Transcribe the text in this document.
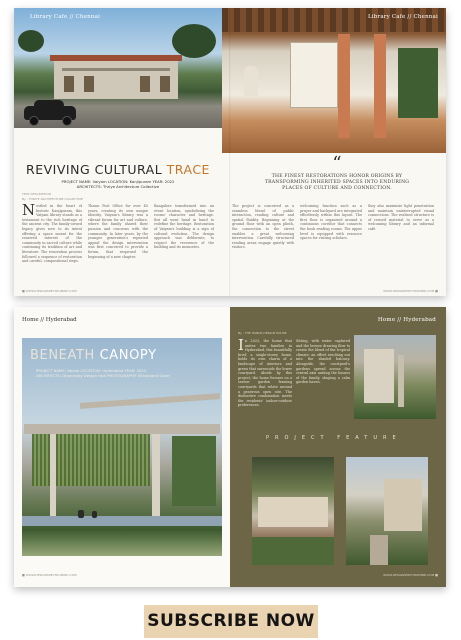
Library Cafe // Chennai	Library Cafe // Chennai
REVIVING CULTURAL TRACE
PROJECT NAME: Vaiyam LOCATION: Kanjipuram YEAR: 2022
ARCHITECTS: Thriye Architecture Collective
TEXT DESCRIPTION
By : THRIYE ARCHITECTURE COLLECTIVE
Nestled in the heart of historic Kanjipuram, this Vaiyam library stands as a testament to the rich heritage of the ancient city. The family-owned legacy gives new to its intent offering a space meant for the renewed interest of the community in sacred culture while continuing its tradition of art and literature. The renovation process followed a sequence of restoration and careful, compositional steps.
Thasm Post Office for over 40 years, creating its own unique identity. Vaiyam's library was a vibrant forum for art and culture, where the family shared their passion and concerns with the community. In later years, by the younger generation's repeated appeal the design intervention was first conceived to provide a forum, that reopened the beginning of a new chapter.
Bangalore transformed into an event location, symbolizing the rooms' character and heritage. But all went hand in hand to redefine the heritage. Restoration of Vaiyam's building is a sign of cultural evolution. The design approach was deliberate, to respect the reverence of the building and its memories.
“
THE FINEST RESTORATIONS HONOR ORIGINS BY TRANSFORMING INHERITED SPACES INTO ENDURING PLACES OF CULTURE AND CONNECTION.
The project is conceived as a seamless blend of public interaction, reading culture and spatial fluidity. Beginning at the ground floor with an open plinth, the connection to the street enables a great welcoming intervention. Carefully structured reading areas engage quietly with visitors.
welcoming function such as a prayer and backyard are integrated effortlessly within this layout. The first floor is organized around a continuous corridor that connects the book reading rooms. The upper level is equipped with resource spaces for visiting scholars.
they also maximize light penetration and maintain uninterrupted visual connections. The realised structure is of reused material to serve as a welcoming library and an informal café.
■ WWW.DESIGNSPECTRUMIND.COM	WWW.DESIGNSPECTRUMIND.COM ■
Home // Hyderabad
BENEATH CANOPY
PROJECT NAME: Abode LOCATION: Hyderabad YEAR: 2022
ARCHITECTS: Dhananjay Design Hub PHOTOGRAPHY: Shivanand Sinah
■ WWW.DESIGNSPECTRUMIND.COM
Home // Hyderabad
By : THE HANDS DESIGN HOUSE
In 2023, the home that unites two families in Hyderabad, this beautifully brief, a single-storey home, holds its own charm of a landscape of interiors and green that surrounds the lower courtyard. Abode by this project, the home focuses on a serene garden framing courtyards that relate around a generous open site. The distinctive combination meets the residents' indoor-outdoor preferences.
Sitting, with water captured and the breeze drawing flow to create the blend of the tropical climate: an effort reaching out into the shaded balcony. Alongside, the courtyard's gardens spread across the central axis uniting the houses of the family, shaping a calm garden haven.
PROJECT FEATURE
WWW.DESIGNSPECTRUMIND.COM ■
SUBSCRIBE NOW
